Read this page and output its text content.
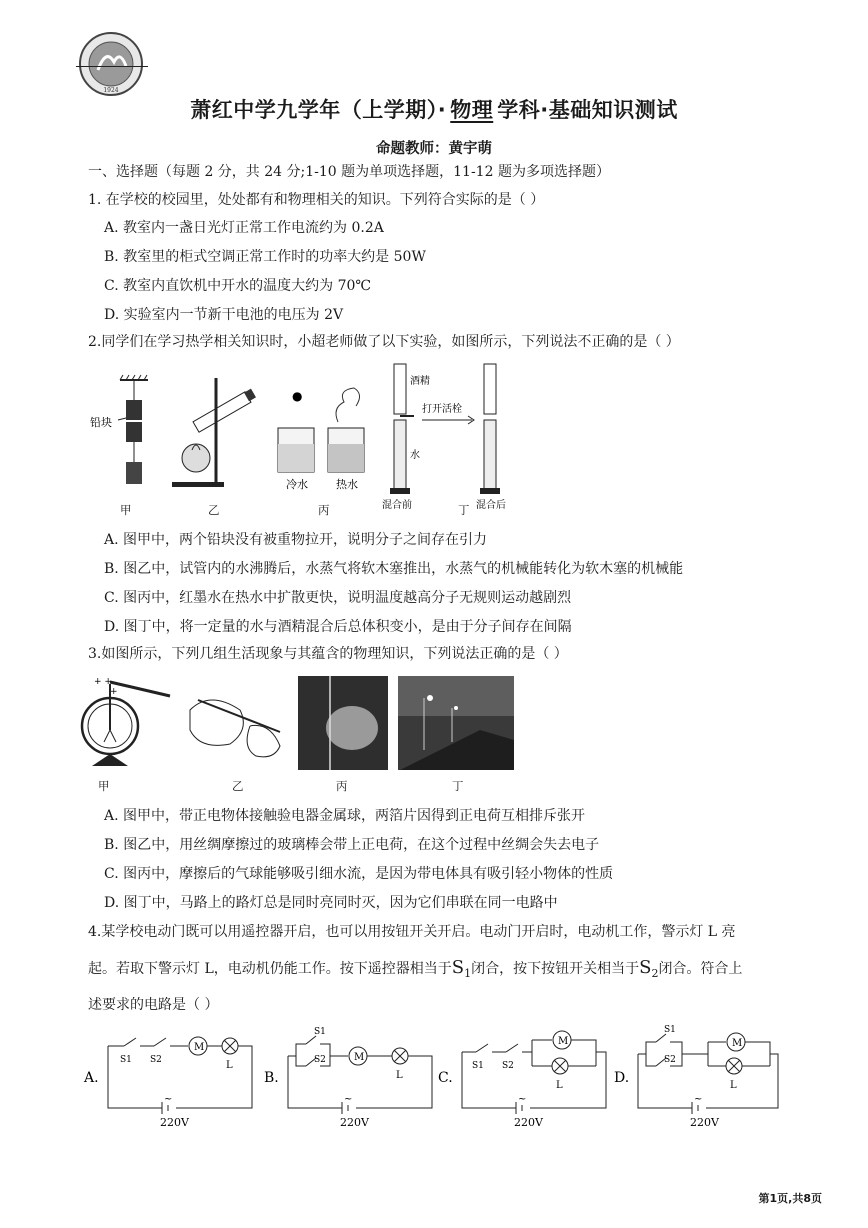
1924
萧红中学九学年（上学期）· 物理 学科·基础知识测试
命题教师：黄宇萌
一、选择题（每题 2 分，共 24 分;1-10 题为单项选择题，11-12 题为多项选择题）
1. 在学校的校园里，处处都有和物理相关的知识。下列符合实际的是（ ）
A. 教室内一盏日光灯正常工作电流约为 0.2A
B. 教室里的柜式空调正常工作时的功率大约是 50W
C. 教室内直饮机中开水的温度大约为 70℃
D. 实验室内一节新干电池的电压为 2V
2.同学们在学习热学相关知识时，小超老师做了以下实验，如图所示，下列说法不正确的是（ ）
铅块
●
冷水	热水
酒精
水
打开活栓
混合前	混合后
甲	乙	丙	丁
A. 图甲中，两个铅块没有被重物拉开，说明分子之间存在引力
B. 图乙中，试管内的水沸腾后，水蒸气将软木塞推出，水蒸气的机械能转化为软木塞的机械能
C. 图丙中，红墨水在热水中扩散更快，说明温度越高分子无规则运动越剧烈
D. 图丁中，将一定量的水与酒精混合后总体积变小，是由于分子间存在间隔
3.如图所示，下列几组生活现象与其蕴含的物理知识，下列说法正确的是（ ）
+ +
+
甲	乙	丙	丁
A. 图甲中，带正电物体接触验电器金属球，两箔片因得到正电荷互相排斥张开
B. 图乙中，用丝绸摩擦过的玻璃棒会带上正电荷，在这个过程中丝绸会失去电子
C. 图丙中，摩擦后的气球能够吸引细水流，是因为带电体具有吸引轻小物体的性质
D. 图丁中，马路上的路灯总是同时亮同时灭，因为它们串联在同一电路中
4.某学校电动门既可以用遥控器开启，也可以用按钮开关开启。电动门开启时，电动机工作，警示灯 L 亮
起。若取下警示灯 L，电动机仍能工作。按下遥控器相当于$S_1$闭合，按下按钮开关相当于$S_2$闭合。符合上
述要求的电路是（ ）
A.
M
L
S1 S2
~
220V
B.
M
L
S1
S2
~
220V
C.
M
L
S1 S2
~
220V
D.
M
L
S1
S2
~
220V
第1页,共8页
